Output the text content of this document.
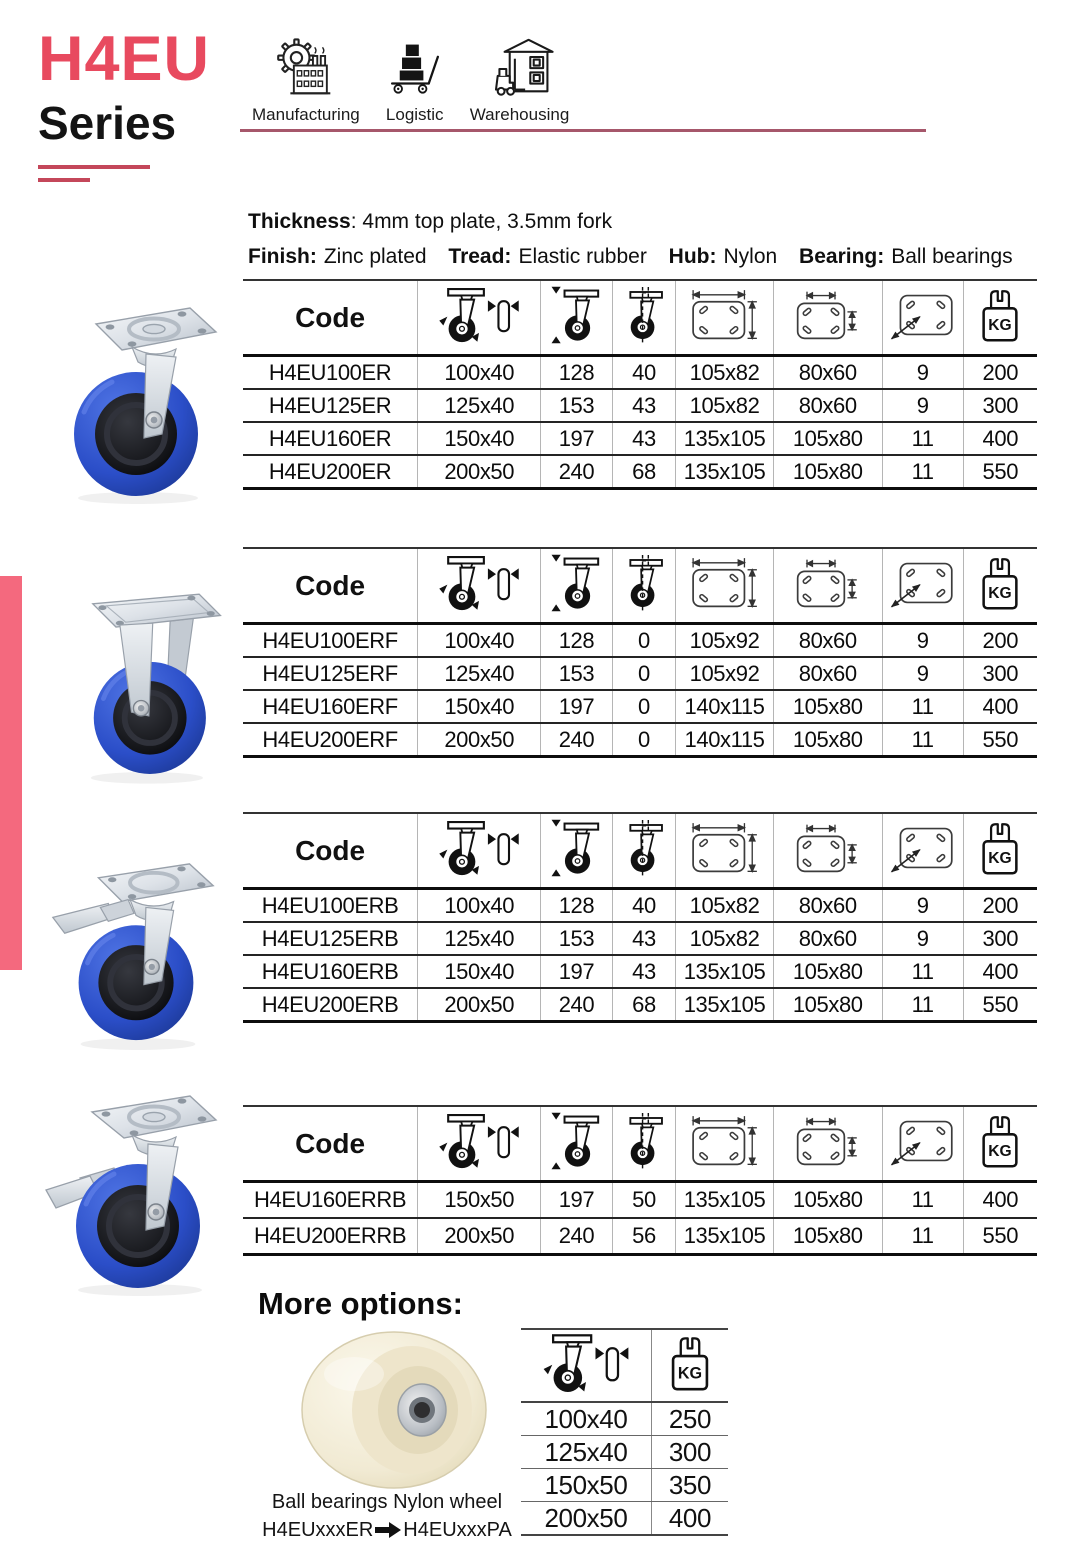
H4EU
Series	Manufacturing Logistic Warehousing
Thickness: 4mm top plate, 3.5mm fork
Finish: Zinc plated Tread: Elastic rubber Hub: Nylon Bearing: Ball bearings
Code

H4EU100ER	100x40	128	40	105x82	80x60	9	200
H4EU125ER	125x40	153	43	105x82	80x60	9	300
H4EU160ER	150x40	197	43	135x105	105x80	11	400
H4EU200ER	200x50	240	68	135x105	105x80	11	550
Code

H4EU100ERF	100x40	128	0	105x92	80x60	9	200
H4EU125ERF	125x40	153	0	105x92	80x60	9	300
H4EU160ERF	150x40	197	0	140x115	105x80	11	400
H4EU200ERF	200x50	240	0	140x115	105x80	11	550
Code

H4EU100ERB	100x40	128	40	105x82	80x60	9	200
H4EU125ERB	125x40	153	43	105x82	80x60	9	300
H4EU160ERB	150x40	197	43	135x105	105x80	11	400
H4EU200ERB	200x50	240	68	135x105	105x80	11	550
Code

H4EU160ERRB	150x50	197	50	135x105	105x80	11	400
H4EU200ERRB	200x50	240	56	135x105	105x80	11	550
More options:
Ball bearings Nylon wheel
H4EUxxxER H4EUxxxPA

100x40	250
125x40	300
150x50	350
200x50	400
